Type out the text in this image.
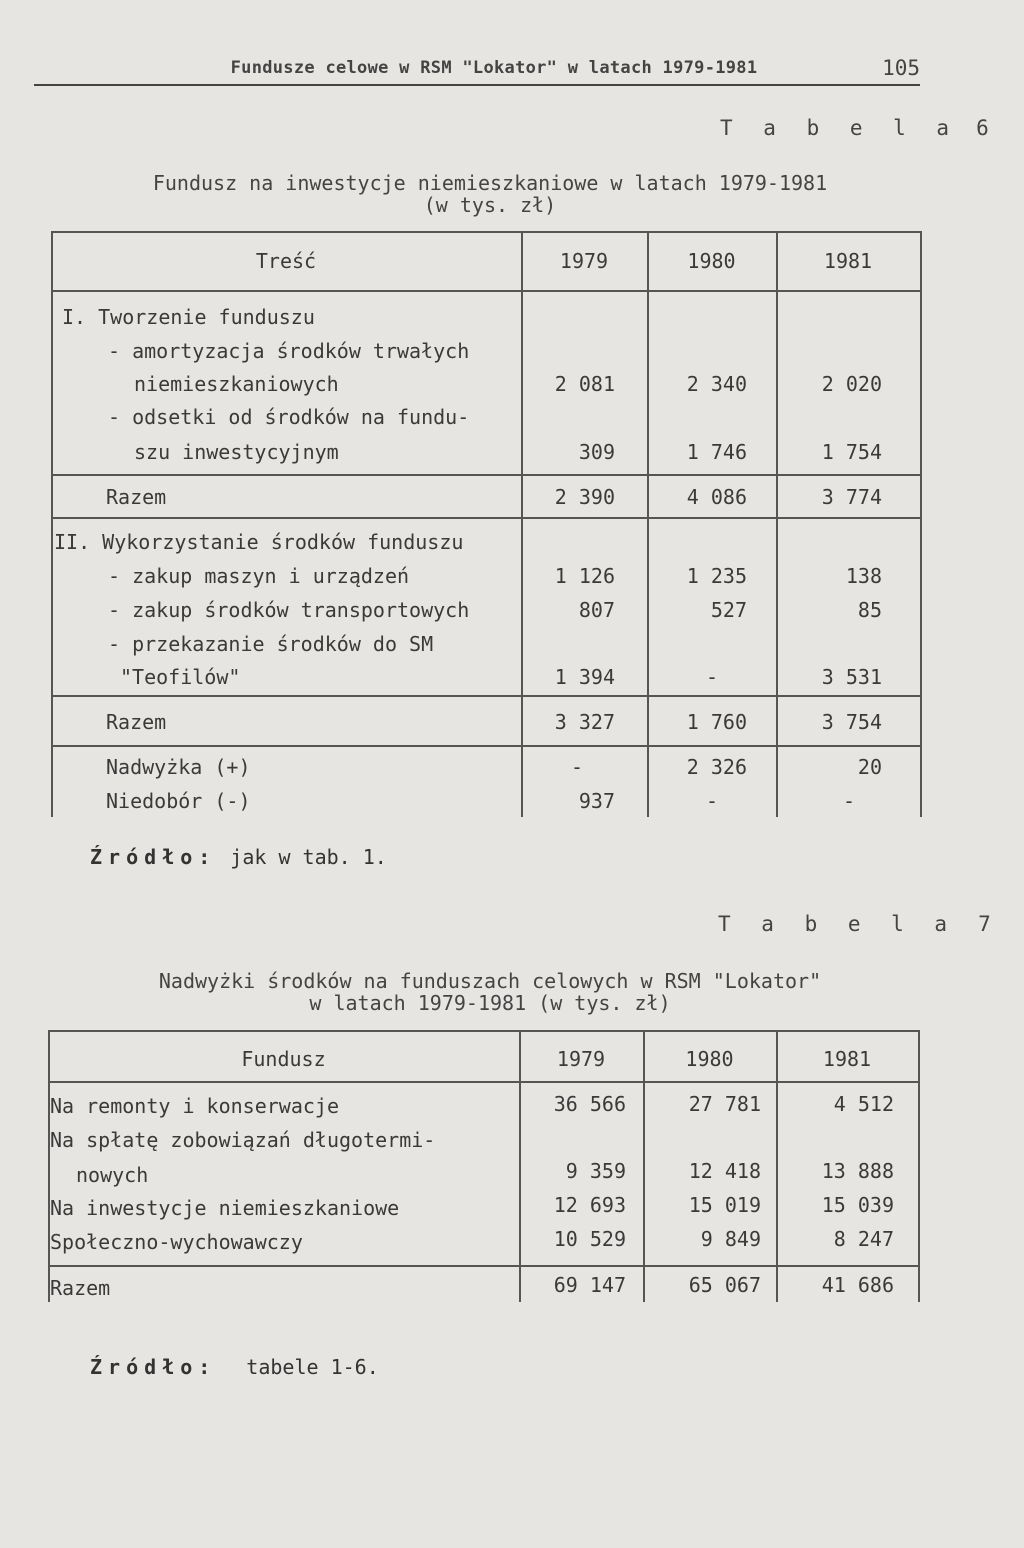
Fundusze celowe w RSM "Lokator" w latach 1979-1981	105
T a b e l a 6
Fundusz na inwestycje niemieszkaniowe w latach 1979-1981
(w tys. zł)
Treść	1979	1980	1981
I. Tworzenie funduszu
- amortyzacja środków trwałych
niemieszkaniowych	2 081	2 340	2 020
- odsetki od środków na fundu-
szu inwestycyjnym	309	1 746	1 754
Razem	2 390	4 086	3 774
II. Wykorzystanie środków funduszu
- zakup maszyn i urządzeń	1 126	1 235	138
- zakup środków transportowych	807	527	85
- przekazanie środków do SM
"Teofilów"	1 394	-	3 531
Razem	3 327	1 760	3 754
Nadwyżka (+)	-	2 326	20
Niedobór (-)	937	-	-
Źródło: jak w tab. 1.
T a b e l a 7
Nadwyżki środków na funduszach celowych w RSM "Lokator"
w latach 1979-1981 (w tys. zł)
Fundusz	1979	1980	1981
Na remonty i konserwacje	36 566	27 781	4 512
Na spłatę zobowiązań długotermi-
nowych	9 359	12 418	13 888
Na inwestycje niemieszkaniowe	12 693	15 019	15 039
Społeczno-wychowawczy	10 529	9 849	8 247
Razem	69 147	65 067	41 686
Źródło: tabele 1-6.
